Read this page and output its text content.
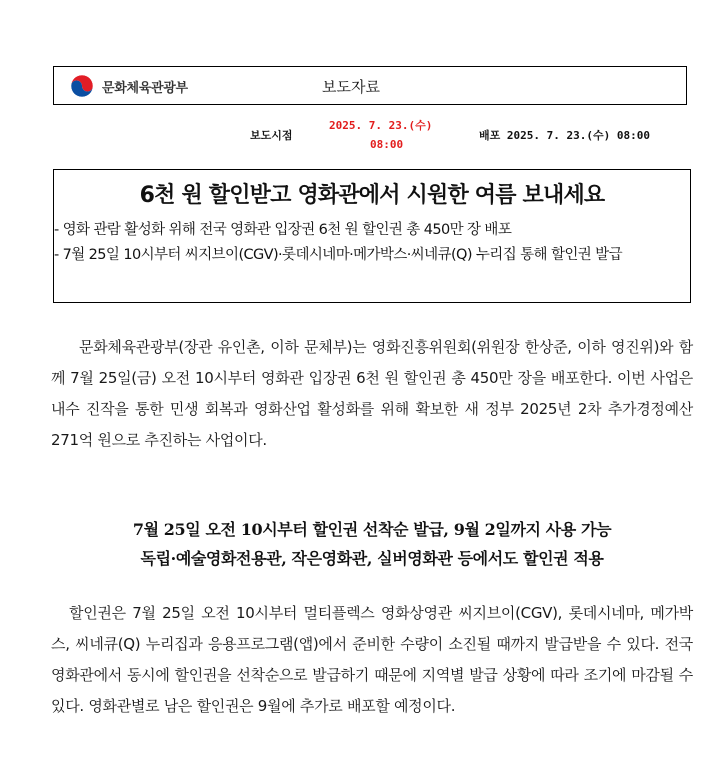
문화체육관광부	보도자료
보도시점
2025. 7. 23.(수)
08:00
배포 2025. 7. 23.(수) 08:00
6천 원 할인받고 영화관에서 시원한 여름 보내세요
- 영화 관람 활성화 위해 전국 영화관 입장권 6천 원 할인권 총 450만 장 배포
- 7월 25일 10시부터 씨지브이(CGV)·롯데시네마·메가박스·씨네큐(Q) 누리집 통해 할인권 발급

문화체육관광부(장관 유인촌, 이하 문체부)는 영화진흥위원회(위원장 한상준, 이하 영진위)와 함께 7월 25일(금) 오전 10시부터 영화관 입장권 6천 원 할인권 총 450만 장을 배포한다. 이번 사업은 내수 진작을 통한 민생 회복과 영화산업 활성화를 위해 확보한 새 정부 2025년 2차 추가경정예산 271억 원으로 추진하는 사업이다.

7월 25일 오전 10시부터 할인권 선착순 발급, 9월 2일까지 사용 가능
독립·예술영화전용관, 작은영화관, 실버영화관 등에서도 할인권 적용

할인권은 7월 25일 오전 10시부터 멀티플렉스 영화상영관 씨지브이(CGV), 롯데시네마, 메가박스, 씨네큐(Q) 누리집과 응용프로그램(앱)에서 준비한 수량이 소진될 때까지 발급받을 수 있다. 전국 영화관에서 동시에 할인권을 선착순으로 발급하기 때문에 지역별 발급 상황에 따라 조기에 마감될 수 있다. 영화관별로 남은 할인권은 9월에 추가로 배포할 예정이다.
